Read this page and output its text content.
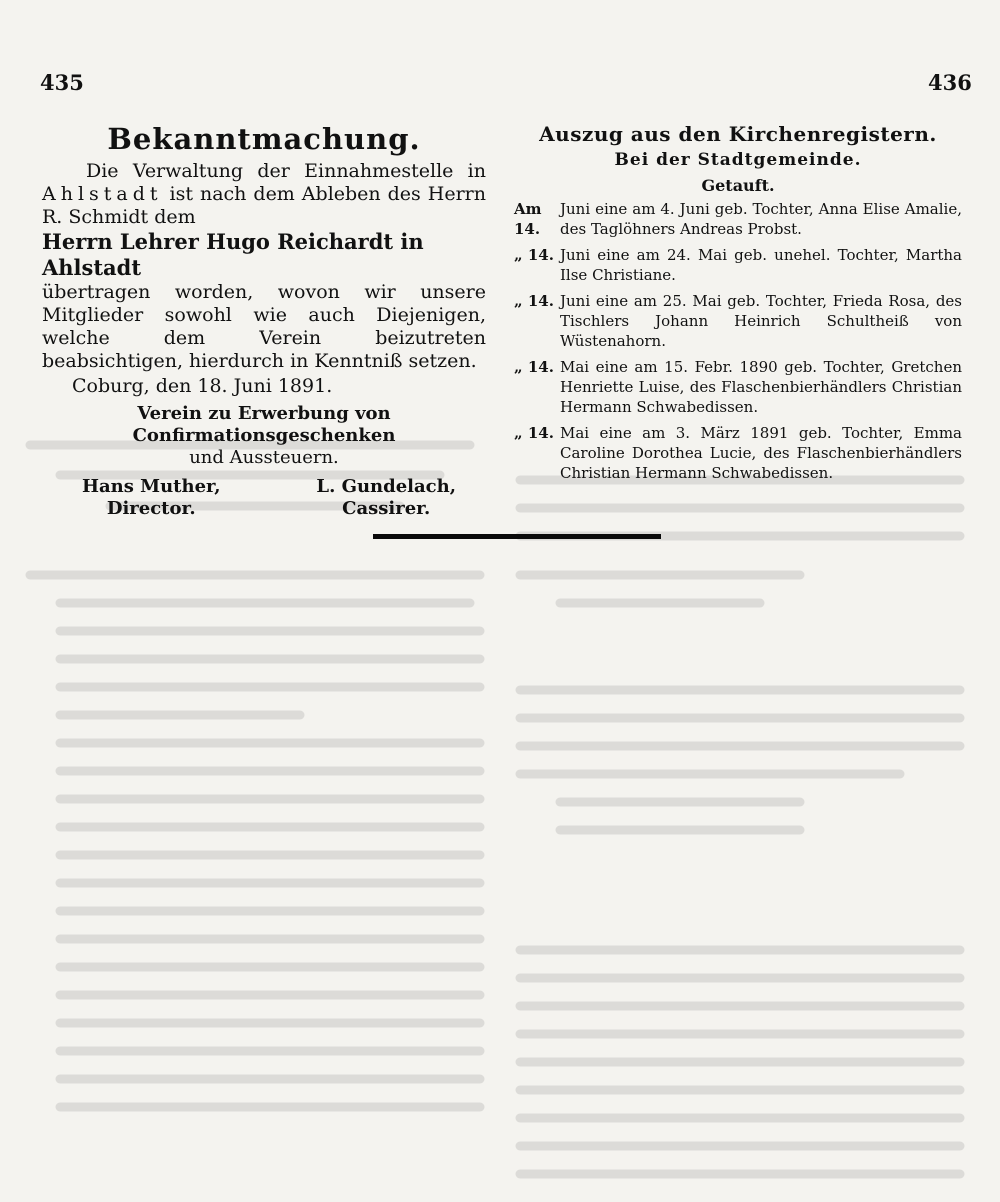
435	436
Bekanntmachung.

Die Verwaltung der Einnahmestelle in Ahlstadt ist nach dem Ableben des Herrn R. Schmidt dem

Herrn Lehrer Hugo Reichardt in Ahlstadt

übertragen worden, wovon wir unsere Mitglieder sowohl wie auch Diejenigen, welche dem Verein beizutreten beabsichtigen, hierdurch in Kenntniß setzen.

Coburg, den 18. Juni 1891.

Verein zu Erwerbung von Confirmationsgeschenken

und Aussteuern.

Hans Muther,
Director.
L. Gundelach,
Cassirer.
Auszug aus den Kirchenregistern.
Bei der Stadtgemeinde.
Getauft.
Am 14.
Juni eine am 4. Juni geb. Tochter, Anna Elise Amalie, des Taglöhners Andreas Probst.
„ 14. Juni eine am 24. Mai geb. unehel. Tochter, Martha Ilse Christiane.
„ 14. Juni eine am 25. Mai geb. Tochter, Frieda Rosa, des Tischlers Johann Heinrich Schultheiß von Wüstenahorn.
„ 14. Mai eine am 15. Febr. 1890 geb. Tochter, Gretchen Henriette Luise, des Flaschenbierhändlers Christian Hermann Schwabedissen.
„ 14. Mai eine am 3. März 1891 geb. Tochter, Emma Caroline Dorothea Lucie, des Flaschenbierhändlers Christian Hermann Schwabedissen.
